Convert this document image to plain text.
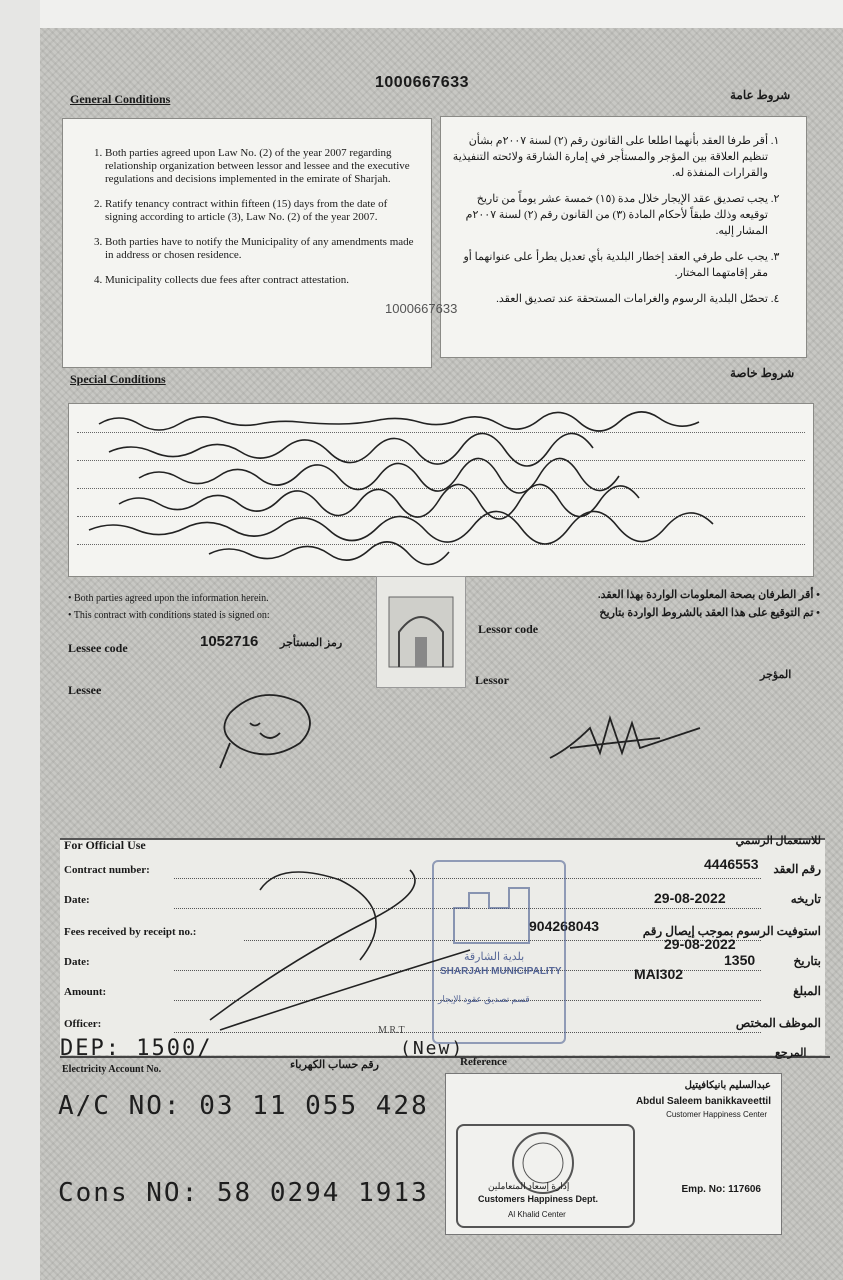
1000667633
General Conditions	شروط عامة
1. Both parties agreed upon Law No. (2) of the year 2007 regarding relationship organization between lessor and lessee and the executive regulations and decisions implemented in the emirate of Sharjah.
2. Ratify tenancy contract within fifteen (15) days from the date of signing according to article (3), Law No. (2) of the year 2007.
3. Both parties have to notify the Municipality of any amendments made in address or chosen residence.
4. Municipality collects due fees after contract attestation.
1. أقر طرفا العقد بأنهما اطلعا على القانون رقم (٢) لسنة ٢٠٠٧م بشأن تنظيم العلاقة بين المؤجر والمستأجر في إمارة الشارقة ولائحته التنفيذية والقرارات المنفذة له.
2. يجب تصديق عقد الإيجار خلال مدة (١٥) خمسة عشر يوماً من تاريخ توقيعه وذلك طبقاً لأحكام المادة (٣) من القانون رقم (٢) لسنة ٢٠٠٧م المشار إليه.
3. يجب على طرفي العقد إخطار البلدية بأي تعديل يطرأ على عنوانهما أو مقر إقامتهما المختار.
4. تحصّل البلدية الرسوم والغرامات المستحقة عند تصديق العقد.
1000667633
Special Conditions	شروط خاصة
• Both parties agreed upon the information herein.
• This contract with conditions stated is signed on:
• أقر الطرفان بصحة المعلومات الواردة بهذا العقد.
• تم التوقيع على هذا العقد بالشروط الواردة بتاريخ
Lessee code	1052716 رمز المستأجر
Lessor code
Lessee
Lessor	المؤجر
For Official Use	للاستعمال الرسمي
Contract number:	4446553 رقم العقد
Date:	29-08-2022	تاريخه
Fees received by receipt no.:	904268043	استوفيت الرسوم بموجب إيصال رقم
Date:
29-08-2022
بتاريخ
Amount:
1350
المبلغ
Officer:
MAI302
الموظف المختص
SHARJAH MUNICIPALITY
بلدية الشارقة
قسم تصديق عقود الإيجار
M.R.T
Electricity Account No.	رقم حساب الكهرباء	Reference
المرجع
DEP: 1500/	(New)
A/C NO: 03 11 055 428
Cons NO: 58 0294 1913
عبدالسليم بانيكافيتيل
Abdul Saleem banikkaveettil
Customer Happiness Center
Emp. No: 117606
إدارة إسعاد المتعاملين
Customers Happiness Dept.
Al Khalid Center
